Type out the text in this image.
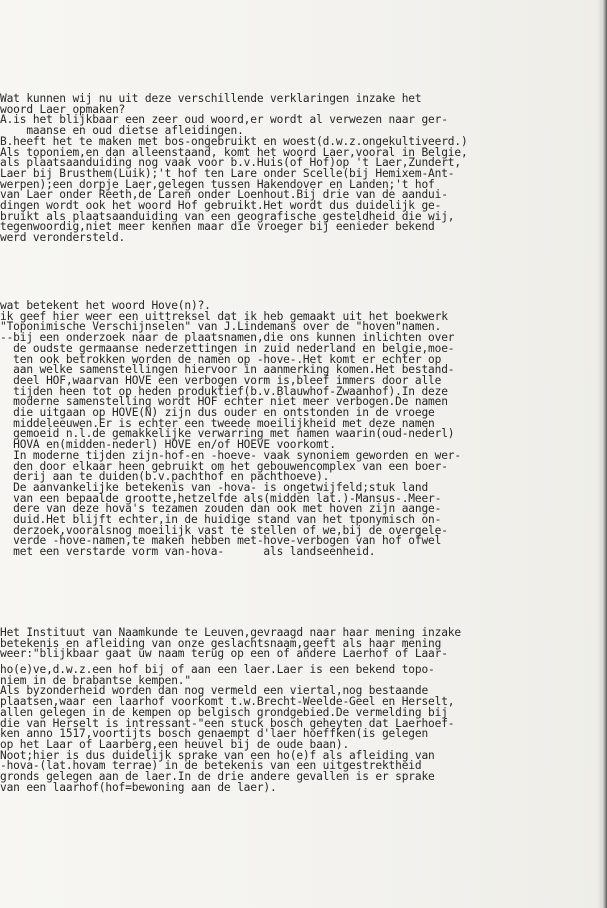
Wat kunnen wij nu uit deze verschillende verklaringen inzake het
woord Laer opmaken?
A.is het blijkbaar een zeer oud woord,er wordt al verwezen naar ger-
maanse en oud dietse afleidingen.
B.heeft het te maken met bos-ongebruikt en woest(d.w.z.ongekultiveerd.)
Als toponiem,en dan alleenstaand, komt het woord Laer,vooral in Belgie,
als plaatsaanduiding nog vaak voor b.v.Huis(of Hof)op 't Laer,Zundert,
Laer bij Brusthem(Luik);'t hof ten Lare onder Scelle(bij Hemixem-Ant-
werpen);een dorpje Laer,gelegen tussen Hakendover en Landen;'t hof
van Laer onder Reeth,de Laren onder Loenhout.Bij drie van de aandui-
dingen wordt ook het woord Hof gebruikt.Het wordt dus duidelijk ge-
bruikt als plaatsaanduiding van een geografische gesteldheid die wij,
tegenwoordig,niet meer kennen maar die vroeger bij eenieder bekend
werd verondersteld.
wat betekent het woord Hove(n)?.
ik geef hier weer een uittreksel dat ik heb gemaakt uit het boekwerk
"Toponimische Verschijnselen" van J.Lindemans over de "hoven"namen.
--bij een onderzoek naar de plaatsnamen,die ons kunnen inlichten over
de oudste germaanse nederzettingen in zuid nederland en belgie,moe-
ten ook betrokken worden de namen op -hove-.Het komt er echter op
aan welke samenstellingen hiervoor in aanmerking komen.Het bestand-
deel HOF,waarvan HOVE een verbogen vorm is,bleef immers door alle
tijden heen tot op heden produktief(b.v.Blauwhof-Zwaanhof).In deze
moderne samenstelling wordt HOF echter niet meer verbogen.De namen
die uitgaan op HOVE(N) zijn dus ouder en ontstonden in de vroege
middeleeuwen.Er is echter een tweede moeilijkheid met deze namen
gemoeid n.l.de gemakkelijke verwarring met namen waarin(oud-nederl)
HOVA en(midden-nederl) HOVE en/of HOEVE voorkomt.
In moderne tijden zijn-hof-en -hoeve- vaak synoniem geworden en wer-
den door elkaar heen gebruikt om het gebouwencomplex van een boer-
derij aan te duiden(b.v.pachthof en pachthoeve).
De aanvankelijke betekenis van -hova- is ongetwijfeld;stuk land
van een bepaalde grootte,hetzelfde als(midden lat.)-Mansus-.Meer-
dere van deze hova's tezamen zouden dan ook met hoven zijn aange-
duid.Het blijft echter,in de huidige stand van het tponymisch on-
derzoek,vooralsnog moeilijk vast te stellen of we,bij de overgele-
verde -hove-namen,te maken hebben met-hove-verbogen van hof ofwel
met een verstarde vorm van-hova-      als landseenheid.
Het Instituut van Naamkunde te Leuven,gevraagd naar haar mening inzake
betekenis en afleiding van onze geslachtsnaam,geeft als haar mening
weer:"blijkbaar gaat uw naam terug op een of andere Laerhof of Laar-
ho(e)ve,d.w.z.een hof bij of aan een laer.Laer is een bekend topo-
niem in de brabantse kempen."
Als byzonderheid worden dan nog vermeld een viertal,nog bestaande
plaatsen,waar een laarhof voorkomt t.w.Brecht-Weelde-Geel en Herselt,
allen gelegen in de kempen op belgisch grondgebied.De vermelding bij
die van Herselt is intressant-"een stuck bosch geheyten dat Laerhoef-
ken anno 1517,voortijts bosch genaempt d'laer hoeffken(is gelegen
op het Laar of Laarberg,een heuvel bij de oude baan).
Noot;hier is dus duidelijk sprake van een ho(e)f als afleiding van
-hova-(lat.hovam terrae) in de betekenis van een uitgestrektheid
gronds gelegen aan de laer.In de drie andere gevallen is er sprake
van een laarhof(hof=bewoning aan de laer).
